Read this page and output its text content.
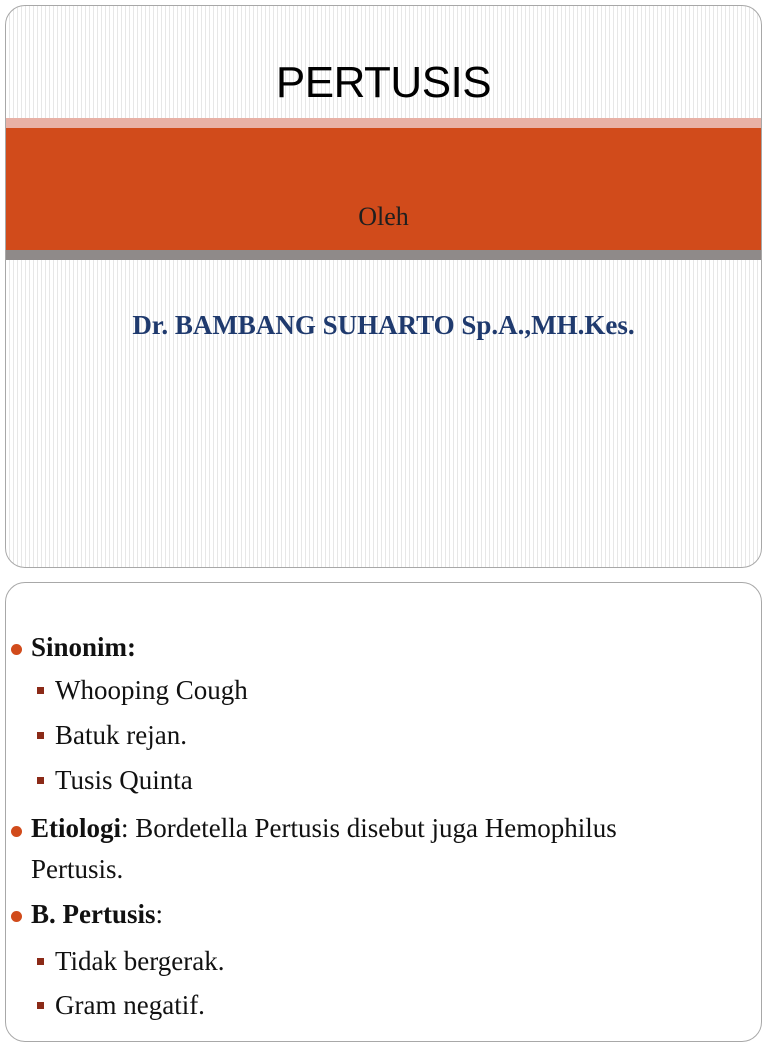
PERTUSIS
Oleh
Dr. BAMBANG SUHARTO Sp.A.,MH.Kes.
Sinonim:
Whooping Cough
Batuk rejan.
Tusis Quinta
Etiologi: Bordetella Pertusis disebut juga Hemophilus
Pertusis.
B. Pertusis:
Tidak bergerak.
Gram negatif.
